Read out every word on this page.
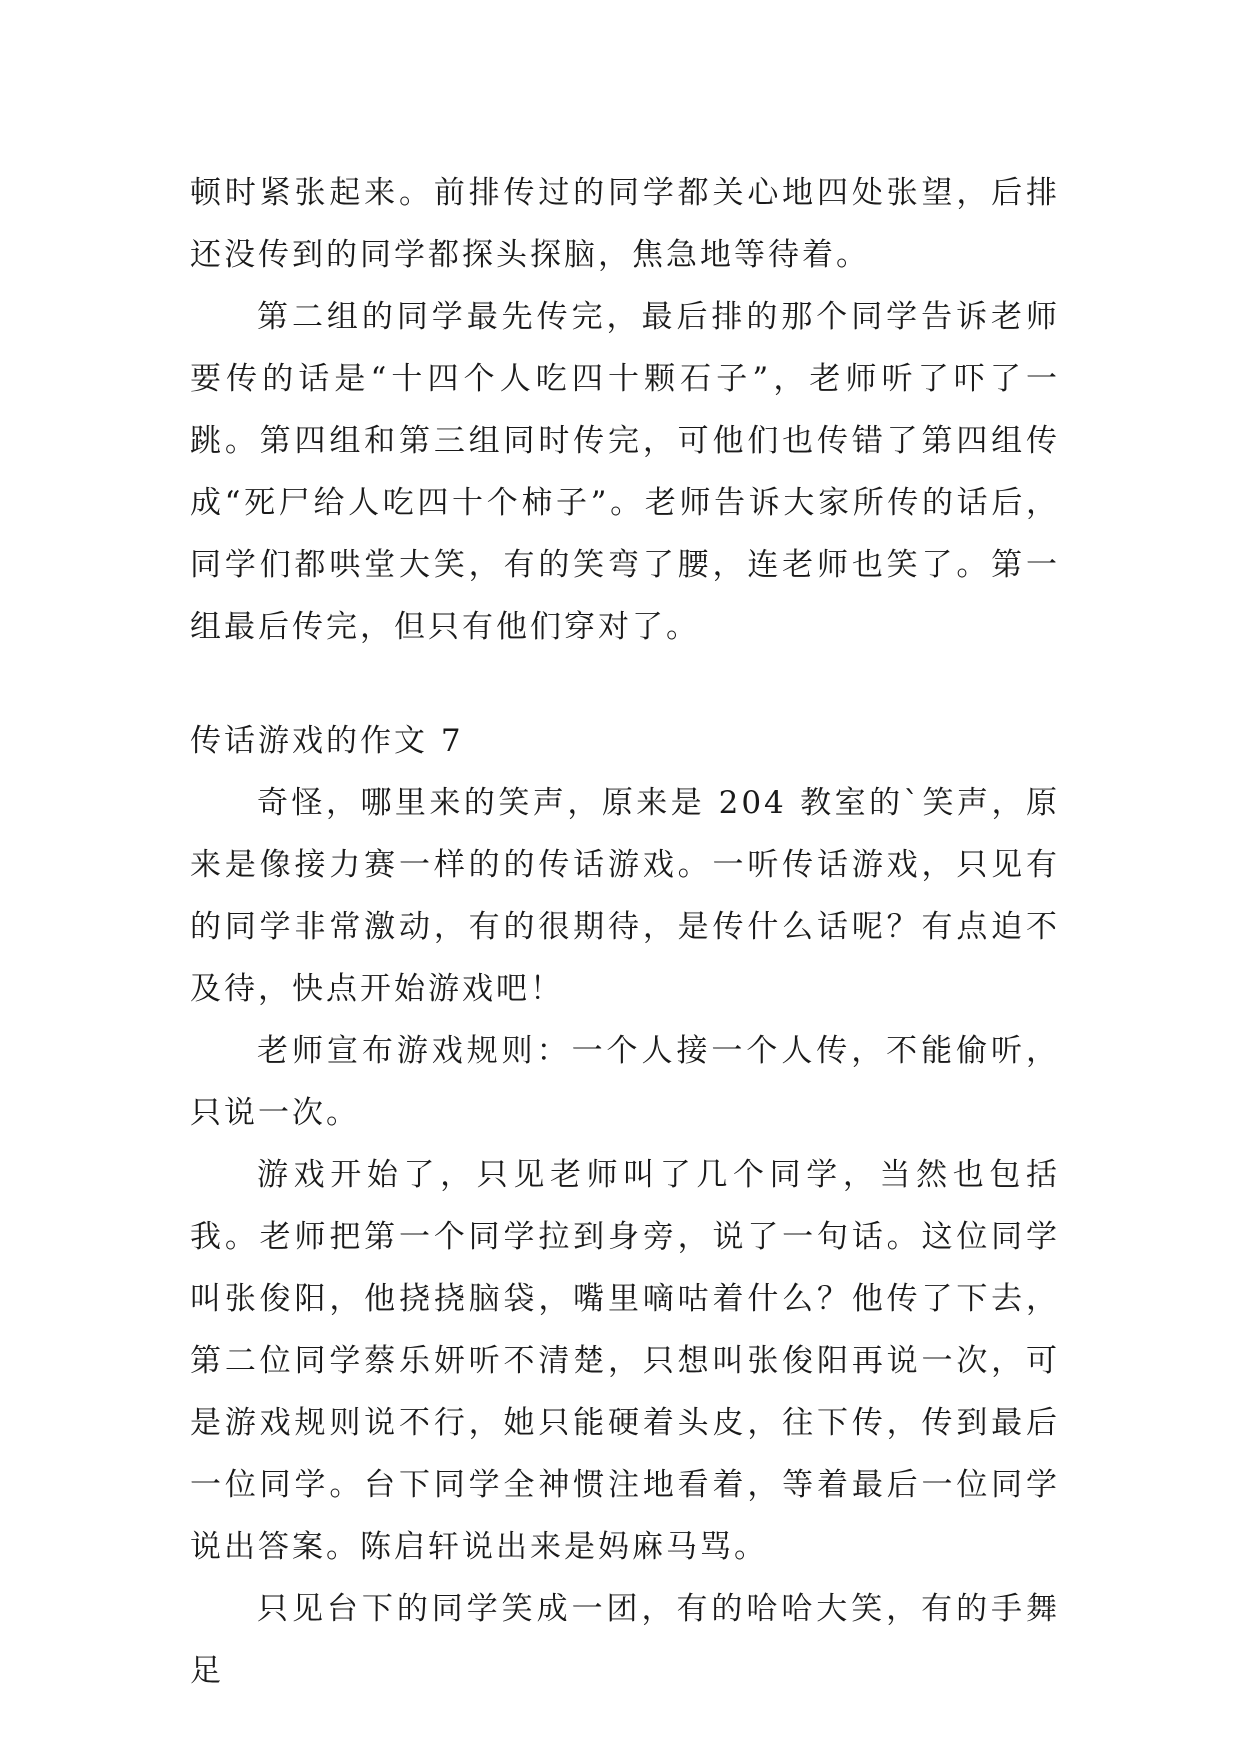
顿时紧张起来。前排传过的同学都关心地四处张望，后排还没传到的同学都探头探脑，焦急地等待着。

第二组的同学最先传完，最后排的那个同学告诉老师要传的话是“十四个人吃四十颗石子”，老师听了吓了一跳。第四组和第三组同时传完，可他们也传错了第四组传成“死尸给人吃四十个柿子”。老师告诉大家所传的话后，同学们都哄堂大笑，有的笑弯了腰，连老师也笑了。第一组最后传完，但只有他们穿对了。

传话游戏的作文 7

奇怪，哪里来的笑声，原来是 204 教室的`笑声，原来是像接力赛一样的的传话游戏。一听传话游戏，只见有的同学非常激动，有的很期待，是传什么话呢？有点迫不及待，快点开始游戏吧！

老师宣布游戏规则：一个人接一个人传，不能偷听，只说一次。

游戏开始了，只见老师叫了几个同学，当然也包括我。老师把第一个同学拉到身旁，说了一句话。这位同学叫张俊阳，他挠挠脑袋，嘴里嘀咕着什么？他传了下去，第二位同学蔡乐妍听不清楚，只想叫张俊阳再说一次，可是游戏规则说不行，她只能硬着头皮，往下传，传到最后一位同学。台下同学全神惯注地看着，等着最后一位同学说出答案。陈启轩说出来是妈麻马骂。

只见台下的同学笑成一团，有的哈哈大笑，有的手舞足
